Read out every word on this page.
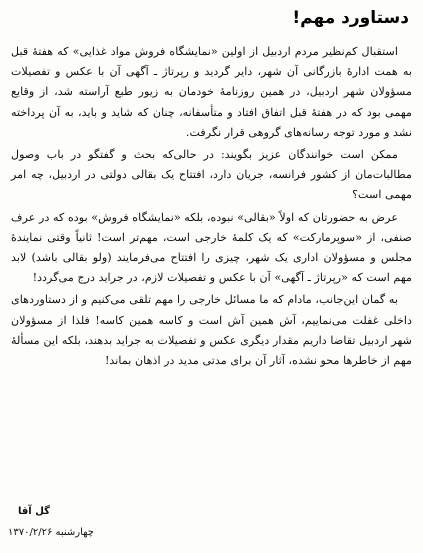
دستاورد مهم!

استقبال کم‌نظیر مردم اردبیل از اولین «نمایشگاه فروش مواد غذایی» که هفتهٔ قبل به همت ادارهٔ بازرگانی آن شهر، دایر گردید و رپرتاژ ـ آگهی آن با عکس و تفصیلات مسؤولان شهر اردبیل، در همین روزنامهٔ خودمان به زیور طبع آراسته شد، از وقایع مهمی بود که در هفتهٔ قبل اتفاق افتاد و متأسفانه، چنان که شاید و باید، به آن پرداخته نشد و مورد توجه رسانه‌های گروهی قرار نگرفت.

ممکن است خوانندگان عزیز بگویند: در حالی‌که بحث و گفتگو در باب وصول مطالبات‌مان از کشور فرانسه، جریان دارد، افتتاح یک بقالی دولتی در اردبیل، چه امر مهمی است؟

عرض به حضورتان که اولاً «بقالی» نبوده، بلکه «نمایشگاه فروش» بوده که در عرف صنفی، از «سوپرمارکت» که یک کلمهٔ خارجی است، مهم‌تر است! ثانیاً وقتی نمایندهٔ مجلس و مسؤولان اداری یک شهر، چیزی را افتتاح می‌فرمایند (ولو بقالی باشد) لابد مهم است که «رپرتاژ ـ آگهی» آن با عکس و تفصیلات لازم، در جراید درج می‌گردد!

به گمان این‌جانب، مادام که ما مسائل خارجی را مهم تلقی می‌کنیم و از دستاوردهای داخلی غفلت می‌نماییم، آش همین آش است و کاسه همین کاسه! فلذا از مسؤولان شهر اردبیل تقاضا داریم مقدار دیگری عکس و تفصیلات به جراید بدهند، بلکه این مسألهٔ مهم از خاطرها محو نشده، آثار آن برای مدتی مدید در اذهان بماند!

گل آقا
چهارشنبه ۱۳۷۰/۲/۲۶
